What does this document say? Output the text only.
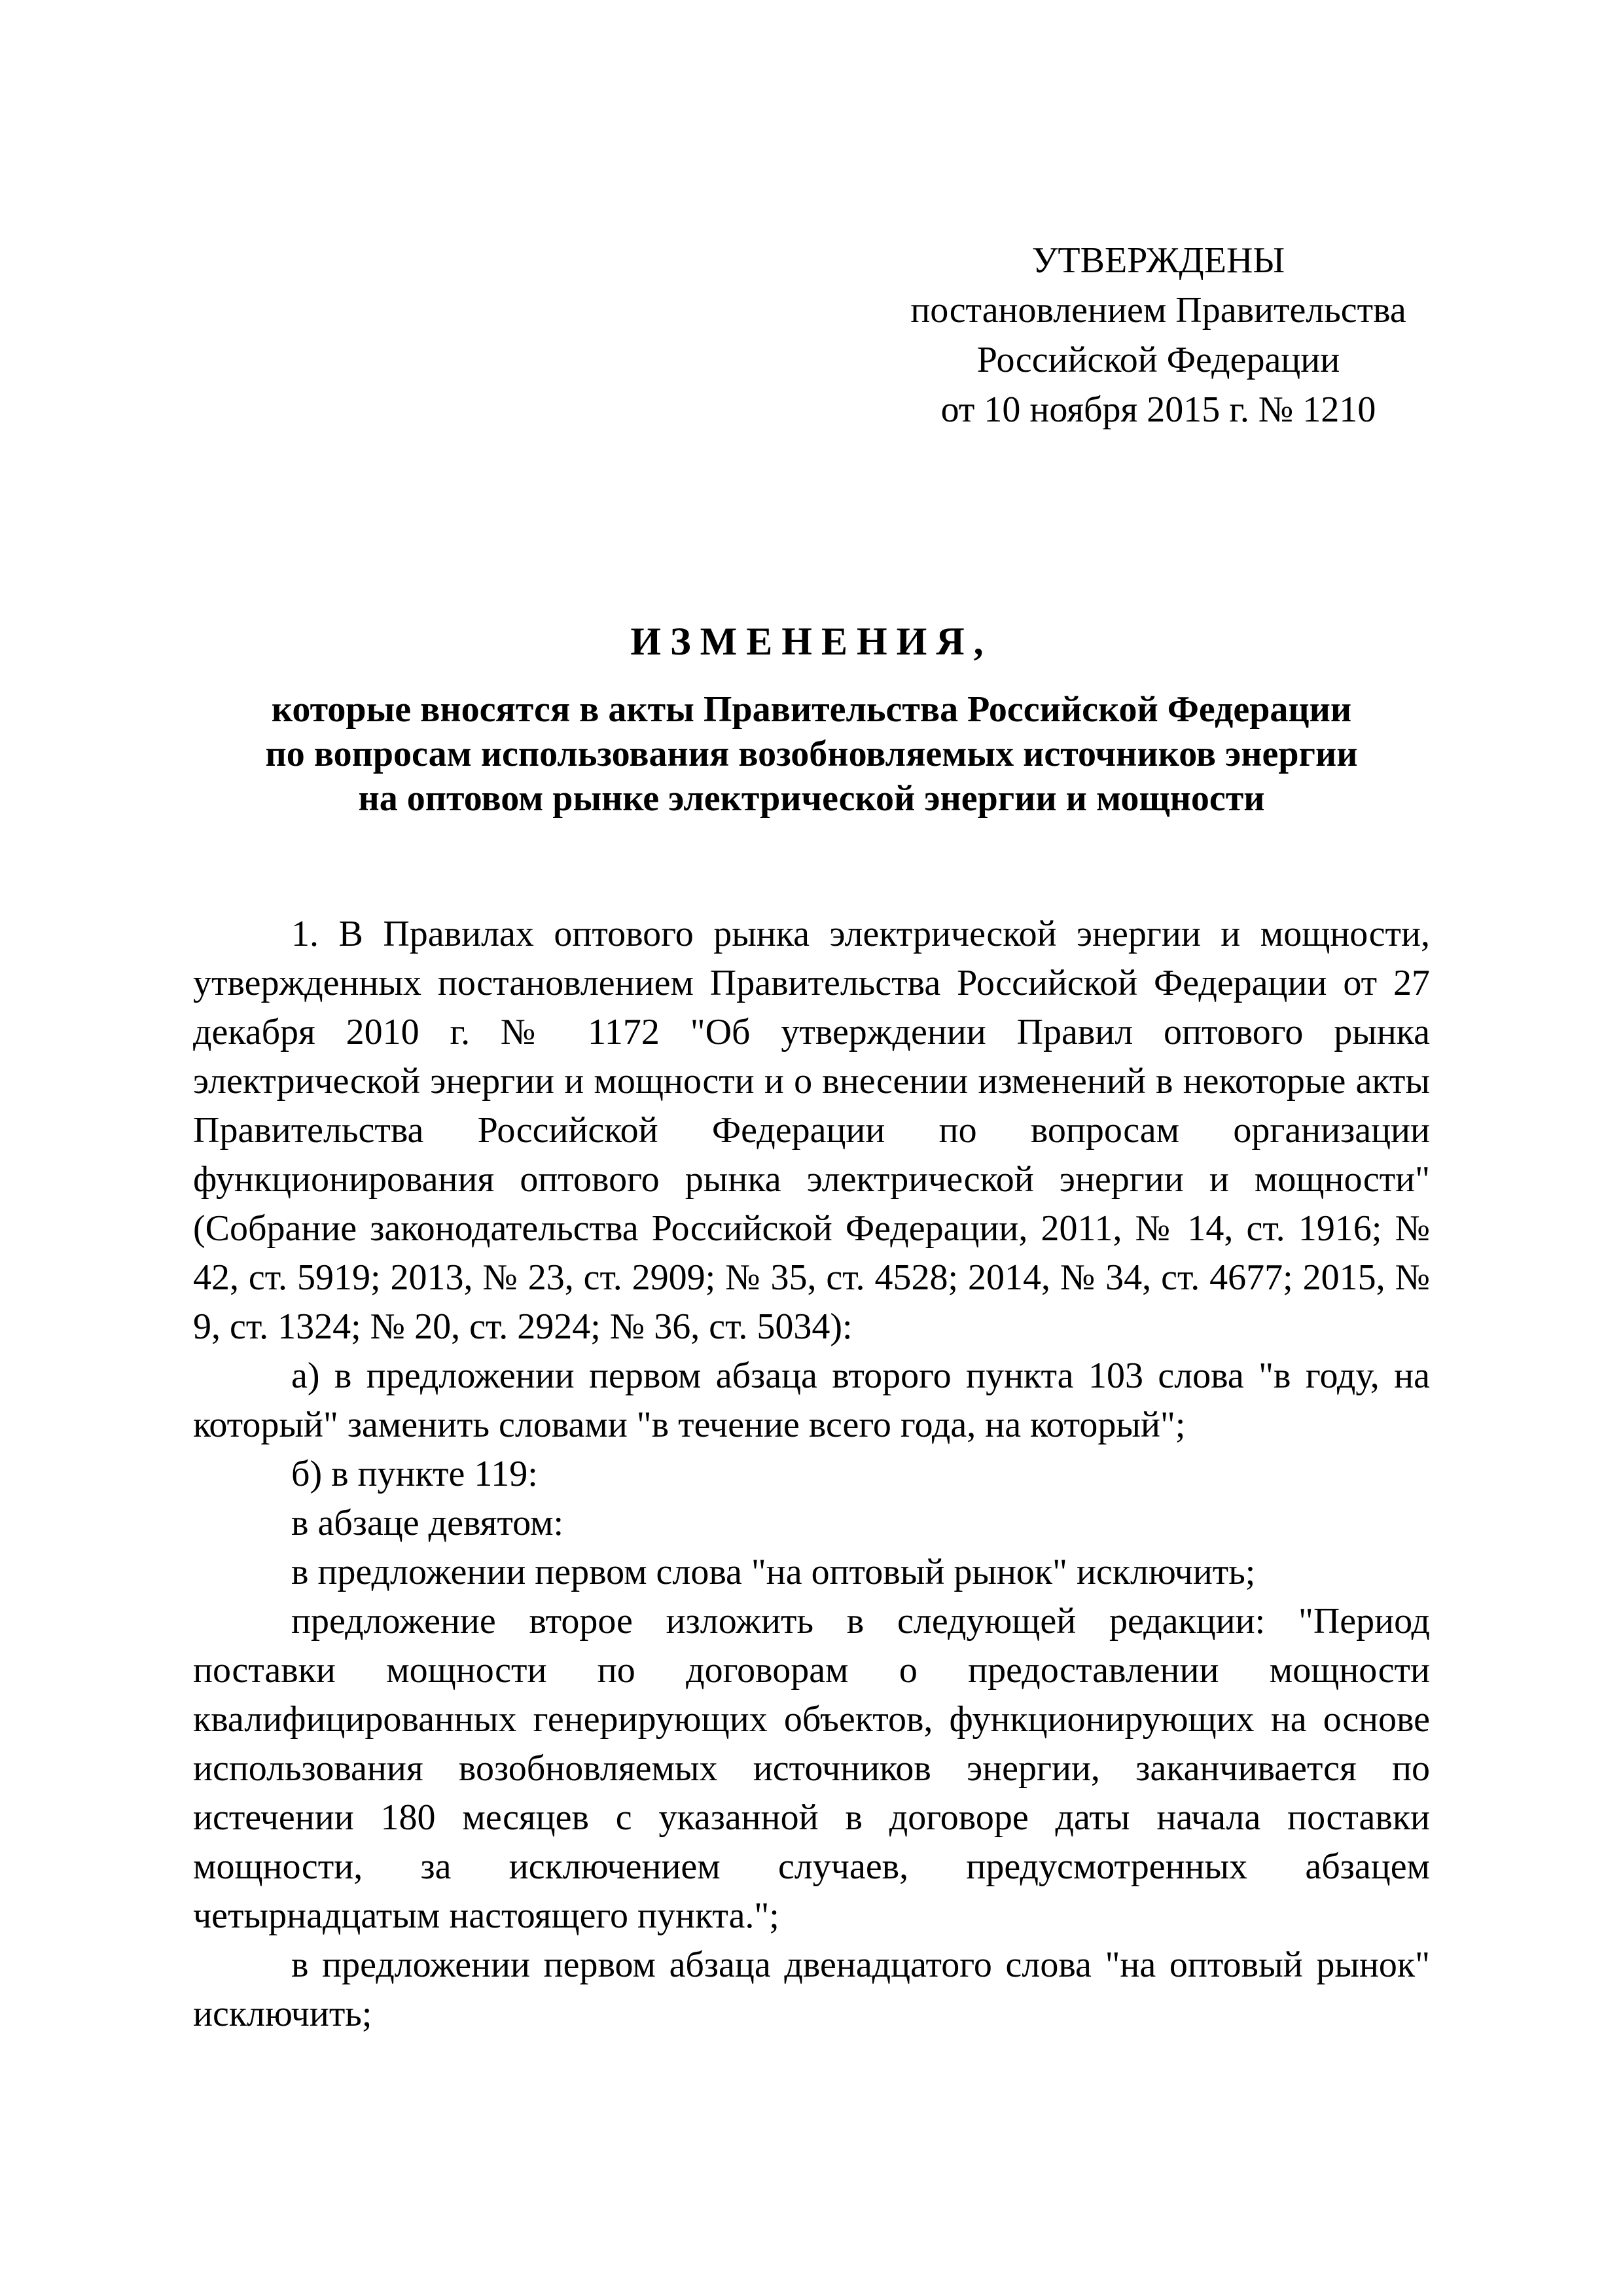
УТВЕРЖДЕНЫ
постановлением Правительства
Российской Федерации
от 10 ноября 2015 г. № 1210
ИЗМЕНЕНИЯ,
которые вносятся в акты Правительства Российской Федерации
по вопросам использования возобновляемых источников энергии
на оптовом рынке электрической энергии и мощности

1. В Правилах оптового рынка электрической энергии и мощности, утвержденных постановлением Правительства Российской Федерации от 27 декабря 2010 г. № 1172 "Об утверждении Правил оптового рынка электрической энергии и мощности и о внесении изменений в некоторые акты Правительства Российской Федерации по вопросам организации функционирования оптового рынка электрической энергии и мощности" (Собрание законодательства Российской Федерации, 2011, № 14, ст. 1916; № 42, ст. 5919; 2013, № 23, ст. 2909; № 35, ст. 4528; 2014, № 34, ст. 4677; 2015, № 9, ст. 1324; № 20, ст. 2924; № 36, ст. 5034):

а) в предложении первом абзаца второго пункта 103 слова "в году, на который" заменить словами "в течение всего года, на который";

б) в пункте 119:

в абзаце девятом:

в предложении первом слова "на оптовый рынок" исключить;

предложение второе изложить в следующей редакции: "Период поставки мощности по договорам о предоставлении мощности квалифицированных генерирующих объектов, функционирующих на основе использования возобновляемых источников энергии, заканчивается по истечении 180 месяцев с указанной в договоре даты начала поставки мощности, за исключением случаев, предусмотренных абзацем четырнадцатым настоящего пункта.";

в предложении первом абзаца двенадцатого слова "на оптовый рынок" исключить;
